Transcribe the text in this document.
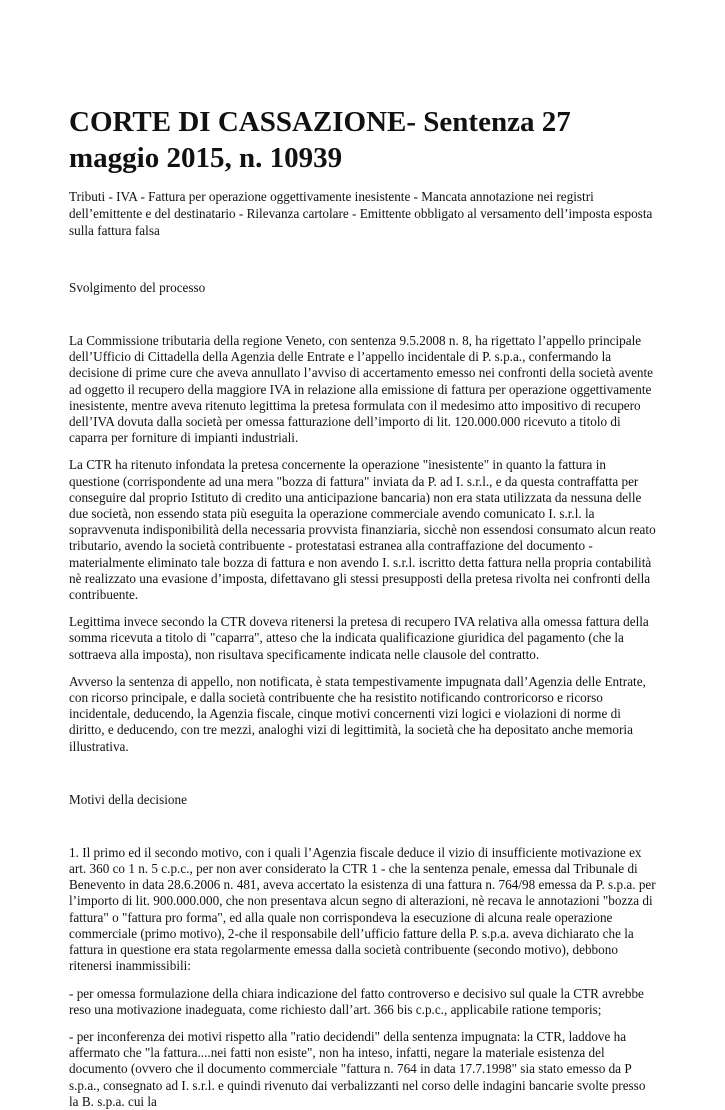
CORTE DI CASSAZIONE- Sentenza 27 maggio 2015, n. 10939

Tributi - IVA - Fattura per operazione oggettivamente inesistente - Mancata annotazione nei registri dell’emittente e del destinatario - Rilevanza cartolare - Emittente obbligato al versamento dell’imposta esposta sulla fattura falsa

Svolgimento del processo

La Commissione tributaria della regione Veneto, con sentenza 9.5.2008 n. 8, ha rigettato l’appello principale dell’Ufficio di Cittadella della Agenzia delle Entrate e l’appello incidentale di P. s.p.a., confermando la decisione di prime cure che aveva annullato l’avviso di accertamento emesso nei confronti della società avente ad oggetto il recupero della maggiore IVA in relazione alla emissione di fattura per operazione oggettivamente inesistente, mentre aveva ritenuto legittima la pretesa formulata con il medesimo atto impositivo di recupero dell’IVA dovuta dalla società per omessa fatturazione dell’importo di lit. 120.000.000 ricevuto a titolo di caparra per forniture di impianti industriali.

La CTR ha ritenuto infondata la pretesa concernente la operazione "inesistente" in quanto la fattura in questione (corrispondente ad una mera "bozza di fattura" inviata da P. ad I. s.r.l., e da questa contraffatta per conseguire dal proprio Istituto di credito una anticipazione bancaria) non era stata utilizzata da nessuna delle due società, non essendo stata più eseguita la operazione commerciale avendo comunicato I. s.r.l. la sopravvenuta indisponibilità della necessaria provvista finanziaria, sicchè non essendosi consumato alcun reato tributario, avendo la società contribuente - protestatasi estranea alla contraffazione del documento - materialmente eliminato tale bozza di fattura e non avendo I. s.r.l. iscritto detta fattura nella propria contabilità nè realizzato una evasione d’imposta, difettavano gli stessi presupposti della pretesa rivolta nei confronti della contribuente.

Legittima invece secondo la CTR doveva ritenersi la pretesa di recupero IVA relativa alla omessa fattura della somma ricevuta a titolo di "caparra", atteso che la indicata qualificazione giuridica del pagamento (che la sottraeva alla imposta), non risultava specificamente indicata nelle clausole del contratto.

Avverso la sentenza di appello, non notificata, è stata tempestivamente impugnata dall’Agenzia delle Entrate, con ricorso principale, e dalla società contribuente che ha resistito notificando controricorso e ricorso incidentale, deducendo, la Agenzia fiscale, cinque motivi concernenti vizi logici e violazioni di norme di diritto, e deducendo, con tre mezzi, analoghi vizi di legittimità, la società che ha depositato anche memoria illustrativa.

Motivi della decisione

1. Il primo ed il secondo motivo, con i quali l’Agenzia fiscale deduce il vizio di insufficiente motivazione ex art. 360 co 1 n. 5 c.p.c., per non aver considerato la CTR 1 - che la sentenza penale, emessa dal Tribunale di Benevento in data 28.6.2006 n. 481, aveva accertato la esistenza di una fattura n. 764/98 emessa da P. s.p.a. per l’importo di lit. 900.000.000, che non presentava alcun segno di alterazioni, nè recava le annotazioni "bozza di fattura" o "fattura pro forma", ed alla quale non corrispondeva la esecuzione di alcuna reale operazione commerciale (primo motivo), 2-che il responsabile dell’ufficio fatture della P. s.p.a. aveva dichiarato che la fattura in questione era stata regolarmente emessa dalla società contribuente (secondo motivo), debbono ritenersi inammissibili:

- per omessa formulazione della chiara indicazione del fatto controverso e decisivo sul quale la CTR avrebbe reso una motivazione inadeguata, come richiesto dall’art. 366 bis c.p.c., applicabile ratione temporis;

- per inconferenza dei motivi rispetto alla "ratio decidendi" della sentenza impugnata: la CTR, laddove ha affermato che "la fattura....nei fatti non esiste", non ha inteso, infatti, negare la materiale esistenza del documento (ovvero che il documento commerciale "fattura n. 764 in data 17.7.1998" sia stato emesso da P s.p.a., consegnato ad I. s.r.l. e quindi rivenuto dai verbalizzanti nel corso delle indagini bancarie svolte presso la B. s.p.a. cui la
